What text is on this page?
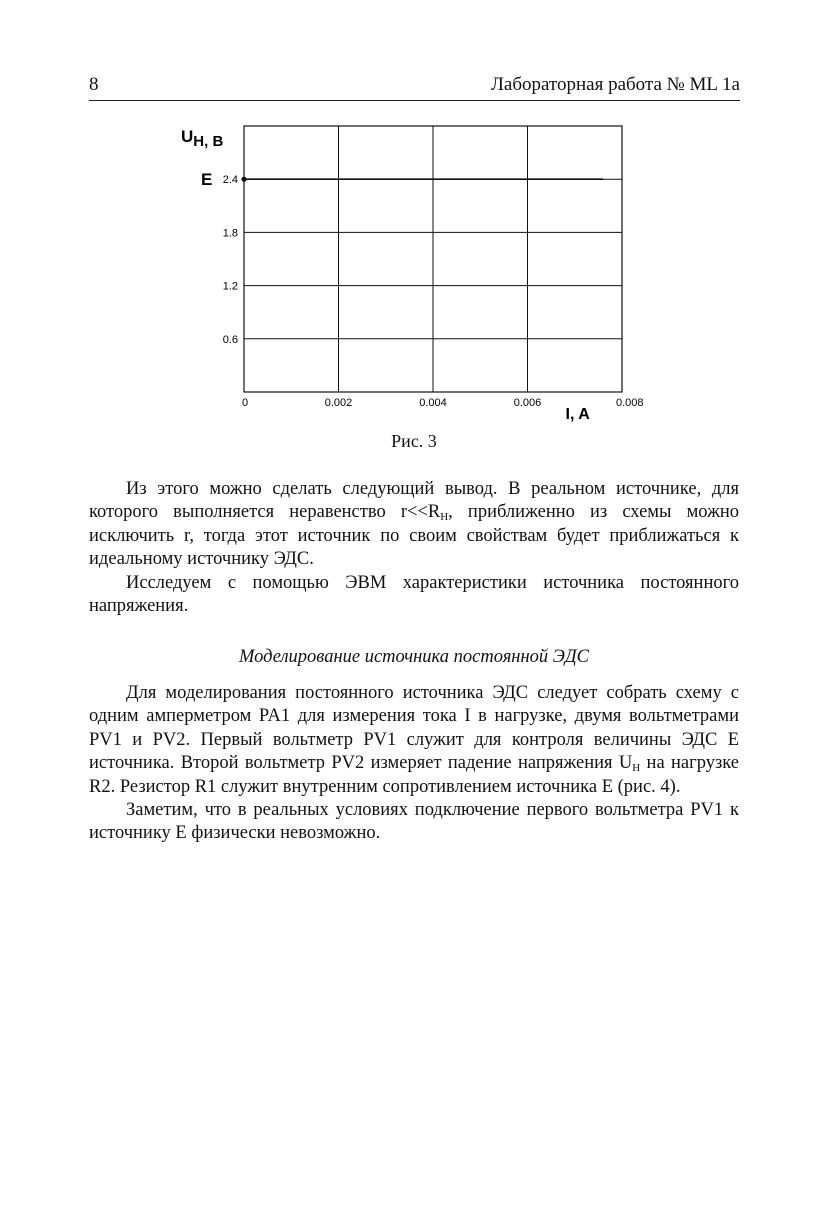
8	Лабораторная работа № ML 1a
0	0.002	0.004	0.006	0.008
0.6
1.2
1.8
2.4
UH, B
E
I, A
Рис. 3

Из этого можно сделать следующий вывод. В реальном источнике, для которого выполняется неравенство $r<<R_H$, приближенно из схемы можно исключить r, тогда этот источник по своим свойствам будет приближаться к идеальному источнику ЭДС.

Исследуем с помощью ЭВМ характеристики источника постоянного напряжения.

Моделирование источника постоянной ЭДС

Для моделирования постоянного источника ЭДС следует собрать схему с одним амперметром PA1 для измерения тока I в нагрузке, двумя вольтметрами PV1 и PV2. Первый вольтметр PV1 служит для контроля величины ЭДС E источника. Второй вольтметр PV2 измеряет падение напряжения $U_H$ на нагрузке R2. Резистор R1 служит внутренним сопротивлением источника E (рис. 4).

Заметим, что в реальных условиях подключение первого вольтметра PV1 к источнику E физически невозможно.
